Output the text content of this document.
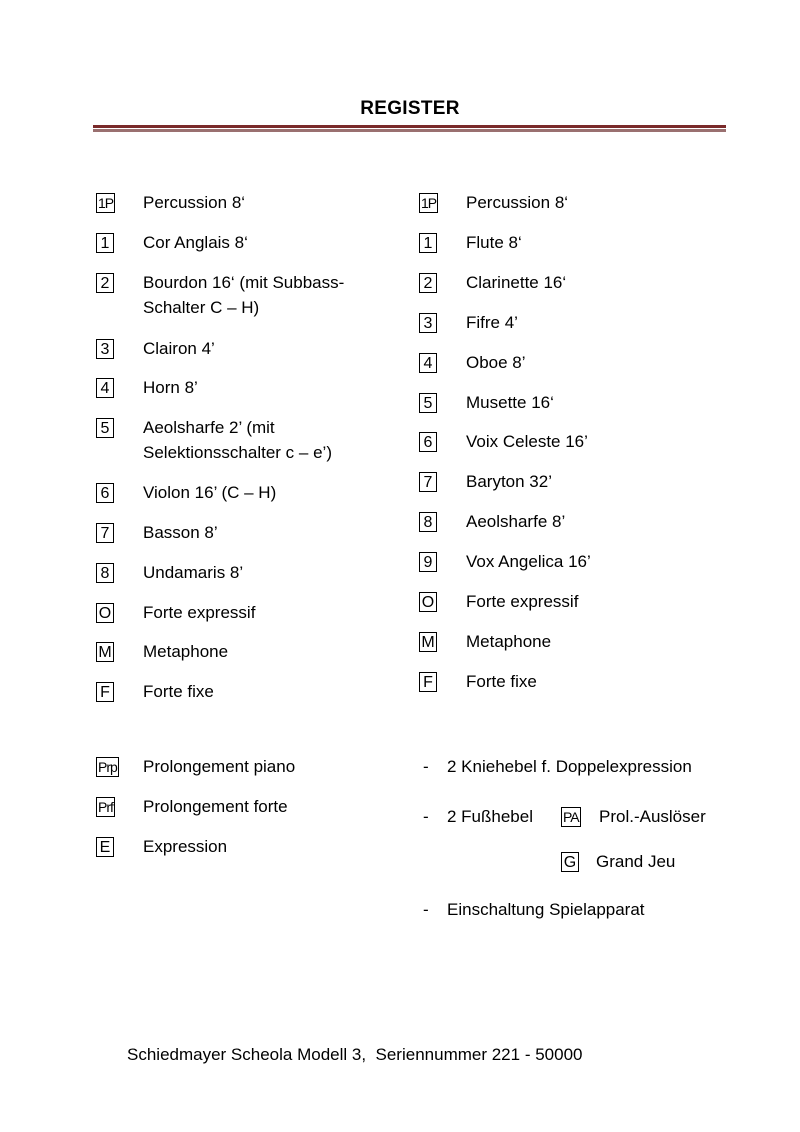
REGISTER
1P Percussion 8‘
1 Cor Anglais 8‘
2 Bourdon 16‘ (mit Subbass-
Schalter C – H)
3 Clairon 4’
4 Horn 8’
5 Aeolsharfe 2’ (mit
Selektionsschalter c – e’)
6 Violon 16’ (C – H)
7 Basson 8’
8 Undamaris 8’
O Forte expressif
M Metaphone
F Forte fixe
1P Percussion 8‘
1 Flute 8‘
2 Clarinette 16‘
3 Fifre 4’
4 Oboe 8’
5 Musette 16‘
6 Voix Celeste 16’
7 Baryton 32’
8 Aeolsharfe 8’
9 Vox Angelica 16’
O Forte expressif
M Metaphone
F Forte fixe
Prp Prolongement piano
Prf Prolongement forte
E Expression
- 2 Kniehebel f. Doppelexpression
- 2 Fußhebel PA Prol.-Auslöser
G Grand Jeu
- Einschaltung Spielapparat
Schiedmayer Scheola Modell 3,  Seriennummer 221 - 50000
